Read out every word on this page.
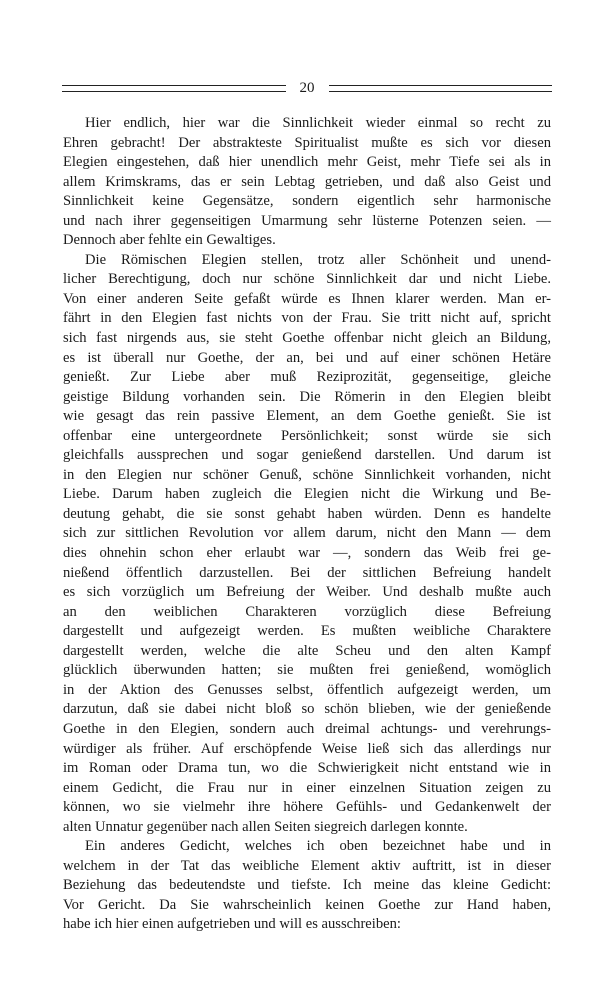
20
Hier endlich, hier war die Sinnlichkeit wieder einmal so recht zu
Ehren gebracht! Der abstrakteste Spiritualist mußte es sich vor diesen
Elegien eingestehen, daß hier unendlich mehr Geist, mehr Tiefe sei als in
allem Krimskrams, das er sein Lebtag getrieben, und daß also Geist und
Sinnlichkeit keine Gegensätze, sondern eigentlich sehr harmonische
und nach ihrer gegenseitigen Umarmung sehr lüsterne Potenzen seien. —
Dennoch aber fehlte ein Gewaltiges.
Die Römischen Elegien stellen, trotz aller Schönheit und unend-
licher Berechtigung, doch nur schöne Sinnlichkeit dar und nicht Liebe.
Von einer anderen Seite gefaßt würde es Ihnen klarer werden. Man er-
fährt in den Elegien fast nichts von der Frau. Sie tritt nicht auf, spricht
sich fast nirgends aus, sie steht Goethe offenbar nicht gleich an Bildung,
es ist überall nur Goethe, der an, bei und auf einer schönen Hetäre
genießt. Zur Liebe aber muß Reziprozität, gegenseitige, gleiche
geistige Bildung vorhanden sein. Die Römerin in den Elegien bleibt
wie gesagt das rein passive Element, an dem Goethe genießt. Sie ist
offenbar eine untergeordnete Persönlichkeit; sonst würde sie sich
gleichfalls aussprechen und sogar genießend darstellen. Und darum ist
in den Elegien nur schöner Genuß, schöne Sinnlichkeit vorhanden, nicht
Liebe. Darum haben zugleich die Elegien nicht die Wirkung und Be-
deutung gehabt, die sie sonst gehabt haben würden. Denn es handelte
sich zur sittlichen Revolution vor allem darum, nicht den Mann — dem
dies ohnehin schon eher erlaubt war —, sondern das Weib frei ge-
nießend öffentlich darzustellen. Bei der sittlichen Befreiung handelt
es sich vorzüglich um Befreiung der Weiber. Und deshalb mußte auch
an den weiblichen Charakteren vorzüglich diese Befreiung
dargestellt und aufgezeigt werden. Es mußten weibliche Charaktere
dargestellt werden, welche die alte Scheu und den alten Kampf
glücklich überwunden hatten; sie mußten frei genießend, womöglich
in der Aktion des Genusses selbst, öffentlich aufgezeigt werden, um
darzutun, daß sie dabei nicht bloß so schön blieben, wie der genießende
Goethe in den Elegien, sondern auch dreimal achtungs- und verehrungs-
würdiger als früher. Auf erschöpfende Weise ließ sich das allerdings nur
im Roman oder Drama tun, wo die Schwierigkeit nicht entstand wie in
einem Gedicht, die Frau nur in einer einzelnen Situation zeigen zu
können, wo sie vielmehr ihre höhere Gefühls- und Gedankenwelt der
alten Unnatur gegenüber nach allen Seiten siegreich darlegen konnte.
Ein anderes Gedicht, welches ich oben bezeichnet habe und in
welchem in der Tat das weibliche Element aktiv auftritt, ist in dieser
Beziehung das bedeutendste und tiefste. Ich meine das kleine Gedicht:
Vor Gericht. Da Sie wahrscheinlich keinen Goethe zur Hand haben,
habe ich hier einen aufgetrieben und will es ausschreiben:
